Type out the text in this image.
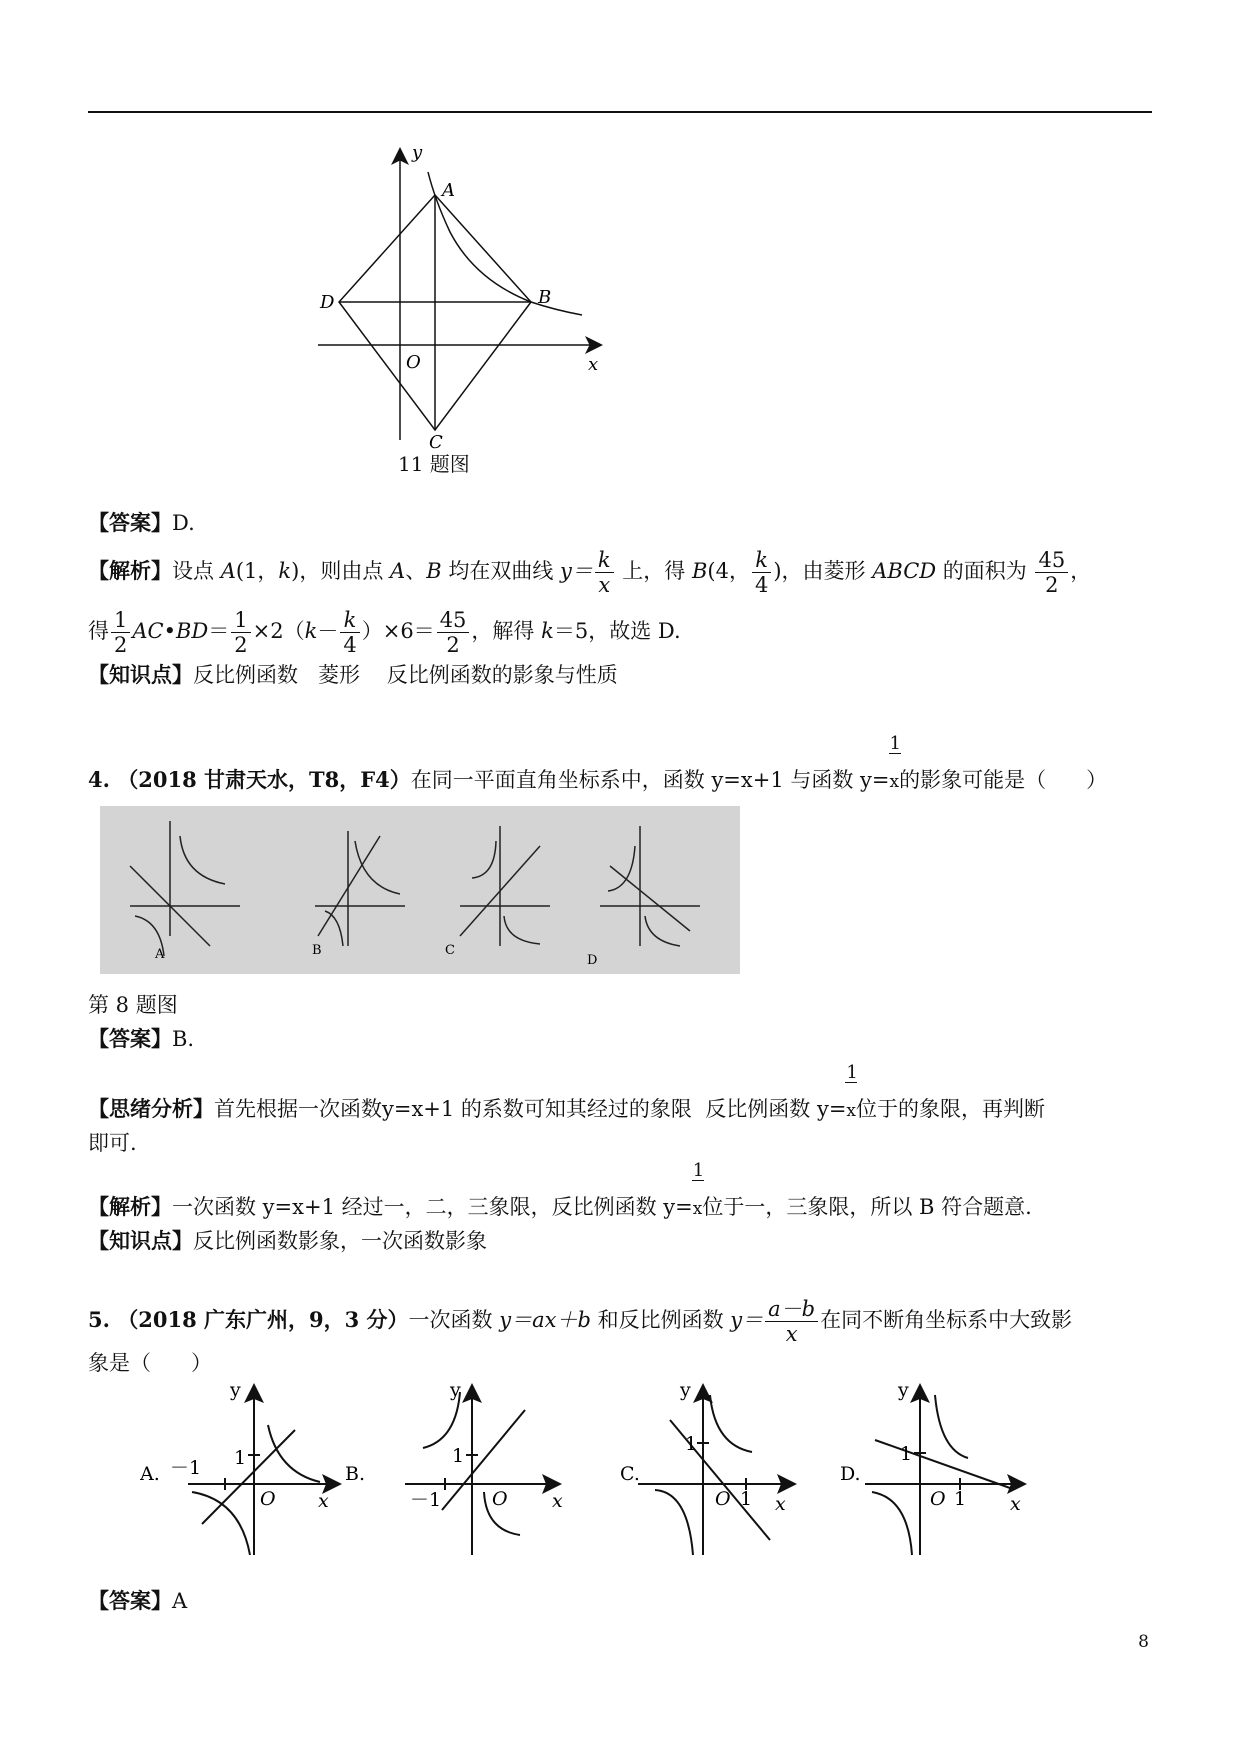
y
A
B
D
O	x
C
11 题图
【答案】D.
【解析】设点 A(1，k)，则由点 A、B 均在双曲线 $y= \frac{k}{x}$ 上，得 B(4， $\frac{k}{4}$ )，由菱形 ABCD 的面积为 $\frac{45}{2}$ ，
得 $\frac{1}{2}$ AC•BD＝ $\frac{1}{2} \times 2(k- \frac{k}{4} )\times 6= \frac{45}{2}$ ，解得 k＝5，故选 D.
【知识点】反比例函数   菱形    反比例函数的影象与性质
4. （2018 甘肃天水，T8，F4）在同一平面直角坐标系中，函数 y=x+1 与函数 $y= \frac{1}{x}$的影象可能是（      ）
A	B	C
D
第 8 题图
【答案】B.
【思绪分析】首先根据一次函数y=x+1 的系数可知其经过的象限  反比例函数 $y= \frac{1}{x}$位于的象限，再判断
即可.
【解析】一次函数 y=x+1 经过一，二，三象限，反比例函数 $y= \frac{1}{x}$位于一，三象限，所以 B 符合题意.
【知识点】反比例函数影象，一次函数影象
5. （2018 广东广州，9，3 分）一次函数 y＝ax＋b 和反比例函数 $y= \frac{a-b}{x}$ 在同不断角坐标系中大致影
象是（      ）
A.
y
1
－1
O x
B.
y
1
－1	O x
C.
y
1
1
O x
D.
y
1
1
O	x
【答案】A
8
